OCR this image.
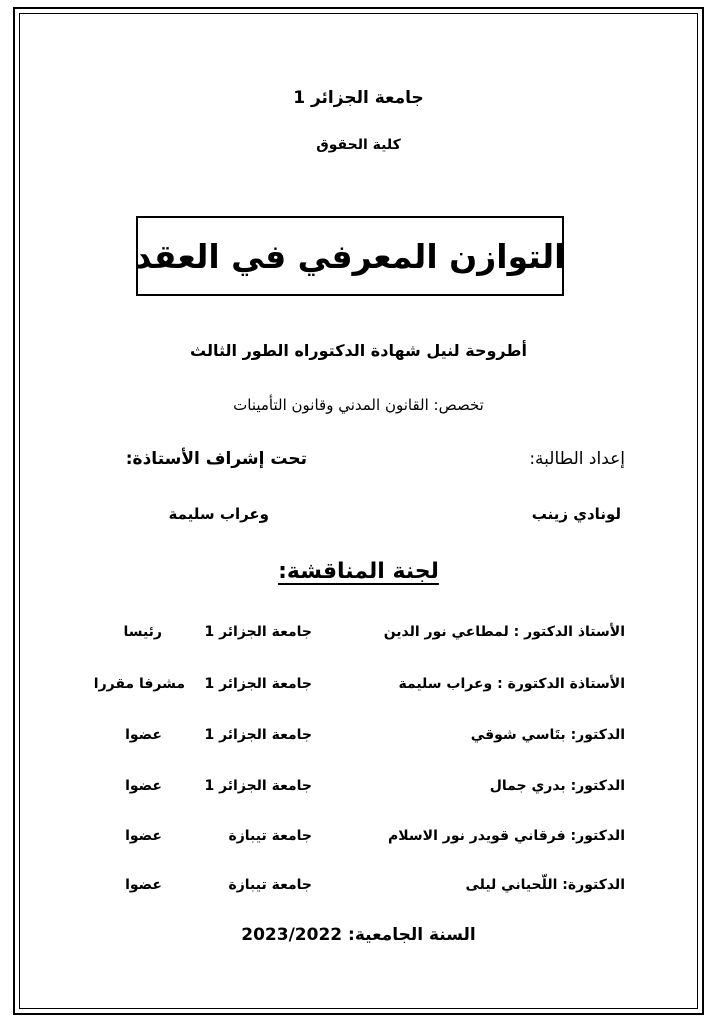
جامعة الجزائر 1
كلية الحقوق
التوازن المعرفي في العقد
أطروحة لنيل شهادة الدكتوراه الطور الثالث
تخصص: القانون المدني وقانون التأمينات
إعداد الطالبة:
تحت إشراف الأستاذة:
لونادي زينب
وعراب سليمة
لجنة المناقشة:
الأستاذ الدكتور : لمطاعي نور الدين
جامعة الجزائر 1
رئيسا
الأستاذة الدكتورة : وعراب سليمة
جامعة الجزائر 1
مشرفا مقررا
الدكتور: بتَاسي شوقي
جامعة الجزائر 1
عضوا
الدكتور: بدري جمال
جامعة الجزائر 1
عضوا
الدكتور: فرقاني قويدر نور الاسلام
جامعة تيبازة
عضوا
الدكتورة: اللّحياني ليلى
جامعة تيبازة
عضوا
السنة الجامعية: 2023/2022
